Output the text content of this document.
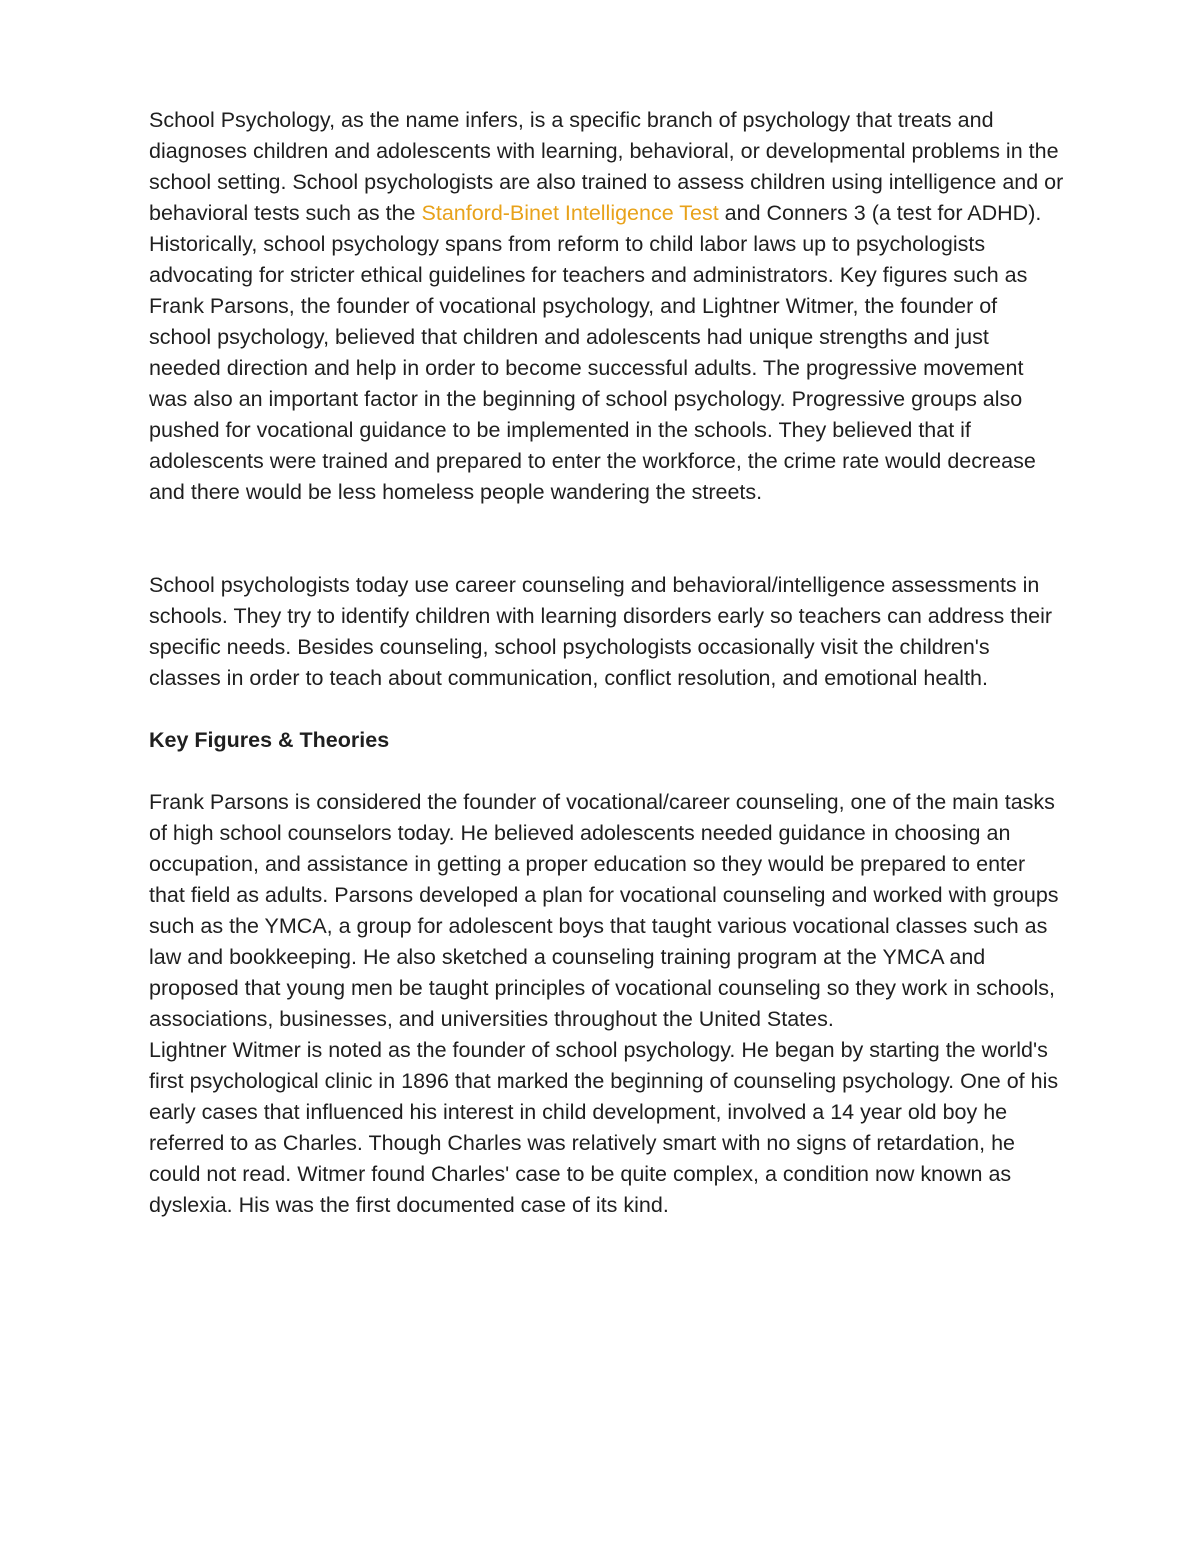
School Psychology, as the name infers, is a specific branch of psychology that treats and diagnoses children and adolescents with learning, behavioral, or developmental problems in the school setting. School psychologists are also trained to assess children using intelligence and or behavioral tests such as the Stanford-Binet Intelligence Test and Conners 3 (a test for ADHD). Historically, school psychology spans from reform to child labor laws up to psychologists advocating for stricter ethical guidelines for teachers and administrators. Key figures such as Frank Parsons, the founder of vocational psychology, and Lightner Witmer, the founder of school psychology, believed that children and adolescents had unique strengths and just needed direction and help in order to become successful adults. The progressive movement was also an important factor in the beginning of school psychology. Progressive groups also pushed for vocational guidance to be implemented in the schools. They believed that if adolescents were trained and prepared to enter the workforce, the crime rate would decrease and there would be less homeless people wandering the streets.

School psychologists today use career counseling and behavioral/intelligence assessments in schools. They try to identify children with learning disorders early so teachers can address their specific needs. Besides counseling, school psychologists occasionally visit the children's classes in order to teach about communication, conflict resolution, and emotional health.

Key Figures & Theories

Frank Parsons is considered the founder of vocational/career counseling, one of the main tasks of high school counselors today. He believed adolescents needed guidance in choosing an occupation, and assistance in getting a proper education so they would be prepared to enter that field as adults. Parsons developed a plan for vocational counseling and worked with groups such as the YMCA, a group for adolescent boys that taught various vocational classes such as law and bookkeeping. He also sketched a counseling training program at the YMCA and proposed that young men be taught principles of vocational counseling so they work in schools, associations, businesses, and universities throughout the United States.

Lightner Witmer is noted as the founder of school psychology. He began by starting the world's first psychological clinic in 1896 that marked the beginning of counseling psychology. One of his early cases that influenced his interest in child development, involved a 14 year old boy he referred to as Charles. Though Charles was relatively smart with no signs of retardation, he could not read. Witmer found Charles' case to be quite complex, a condition now known as dyslexia. His was the first documented case of its kind.
